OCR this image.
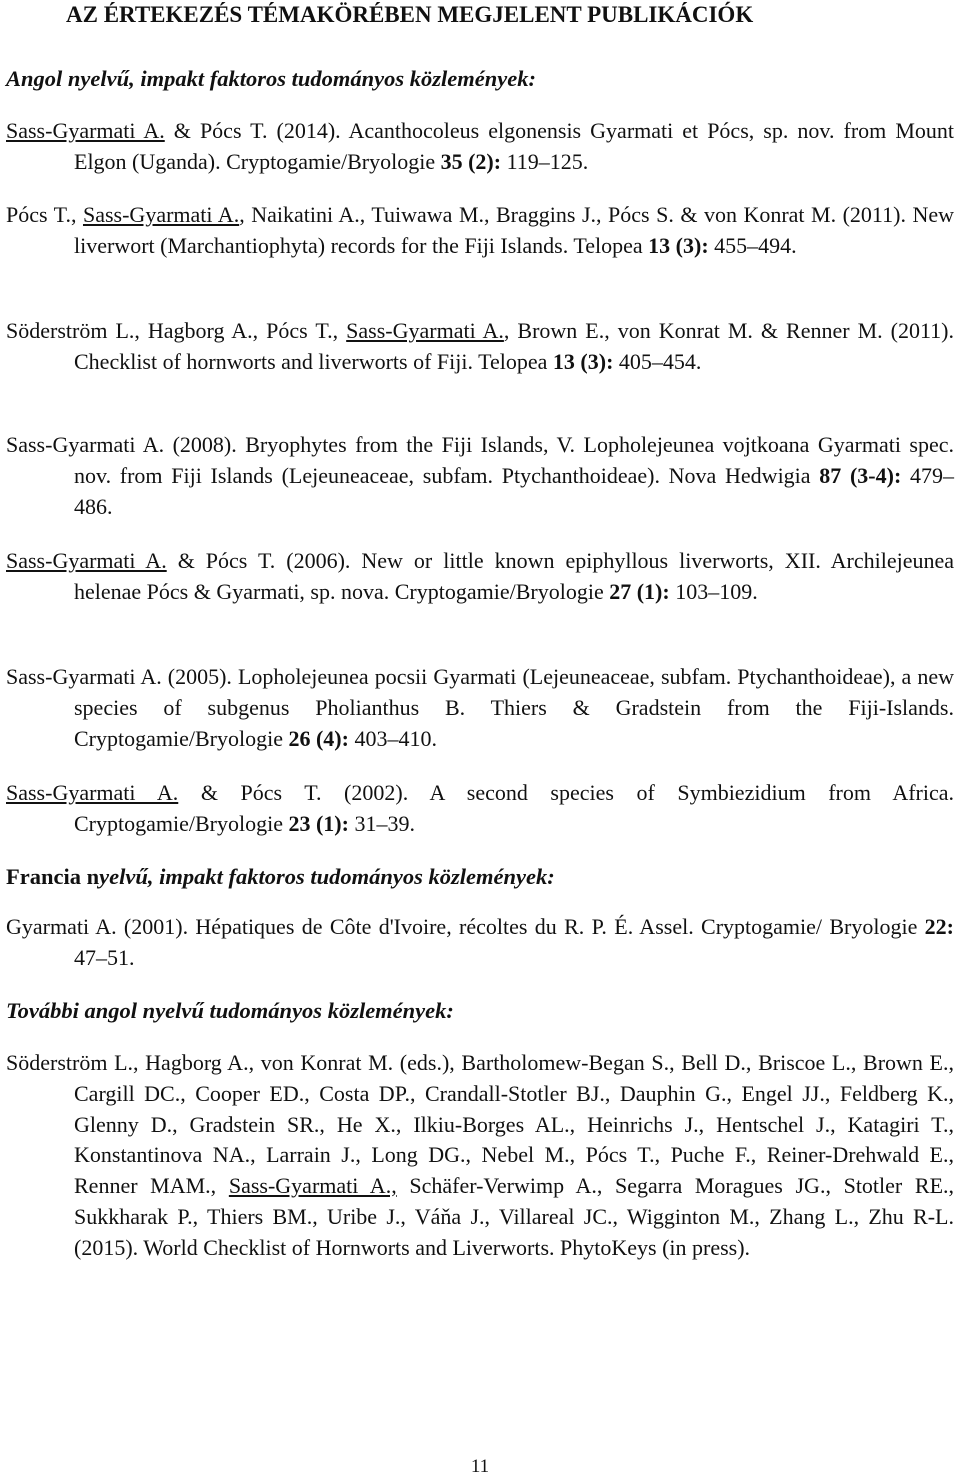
AZ ÉRTEKEZÉS TÉMAKÖRÉBEN MEGJELENT PUBLIKÁCIÓK
Angol nyelvű, impakt faktoros tudományos közlemények:

Sass-Gyarmati A. & Pócs T. (2014). Acanthocoleus elgonensis Gyarmati et Pócs, sp. nov. from Mount Elgon (Uganda). Cryptogamie/Bryologie 35 (2): 119–125.

Pócs T., Sass-Gyarmati A., Naikatini A., Tuiwawa M., Braggins J., Pócs S. & von Konrat M. (2011). New liverwort (Marchantiophyta) records for the Fiji Islands. Telopea 13 (3): 455–494.

Söderström L., Hagborg A., Pócs T., Sass-Gyarmati A., Brown E., von Konrat M. & Renner M. (2011). Checklist of hornworts and liverworts of Fiji. Telopea 13 (3): 405–454.

Sass-Gyarmati A. (2008). Bryophytes from the Fiji Islands, V. Lopholejeunea vojtkoana Gyarmati spec. nov. from Fiji Islands (Lejeuneaceae, subfam. Ptychanthoideae). Nova Hedwigia 87 (3-4): 479–486.

Sass-Gyarmati A. & Pócs T. (2006). New or little known epiphyllous liverworts, XII. Archilejeunea helenae Pócs & Gyarmati, sp. nova. Cryptogamie/Bryologie 27 (1): 103–109.

Sass-Gyarmati A. (2005). Lopholejeunea pocsii Gyarmati (Lejeuneaceae, subfam. Ptychanthoideae), a new species of subgenus Pholianthus B. Thiers & Gradstein from the Fiji-Islands. Cryptogamie/Bryologie 26 (4): 403–410.

Sass-Gyarmati A. & Pócs T. (2002). A second species of Symbiezidium from Africa. Cryptogamie/Bryologie 23 (1): 31–39.

Francia nyelvű, impakt faktoros tudományos közlemények:

Gyarmati A. (2001). Hépatiques de Côte d'Ivoire, récoltes du R. P. É. Assel. Cryptogamie/ Bryologie 22: 47–51.

További angol nyelvű tudományos közlemények:

Söderström L., Hagborg A., von Konrat M. (eds.), Bartholomew-Began S., Bell D., Briscoe L., Brown E., Cargill DC., Cooper ED., Costa DP., Crandall-Stotler BJ., Dauphin G., Engel JJ., Feldberg K., Glenny D., Gradstein SR., He X., Ilkiu-Borges AL., Heinrichs J., Hentschel J., Katagiri T., Konstantinova NA., Larrain J., Long DG., Nebel M., Pócs T., Puche F., Reiner-Drehwald E., Renner MAM., Sass-Gyarmati A., Schäfer-Verwimp A., Segarra Moragues JG., Stotler RE., Sukkharak P., Thiers BM., Uribe J., Váňa J., Villareal JC., Wigginton M., Zhang L., Zhu R-L. (2015). World Checklist of Hornworts and Liverworts. PhytoKeys (in press).

11
